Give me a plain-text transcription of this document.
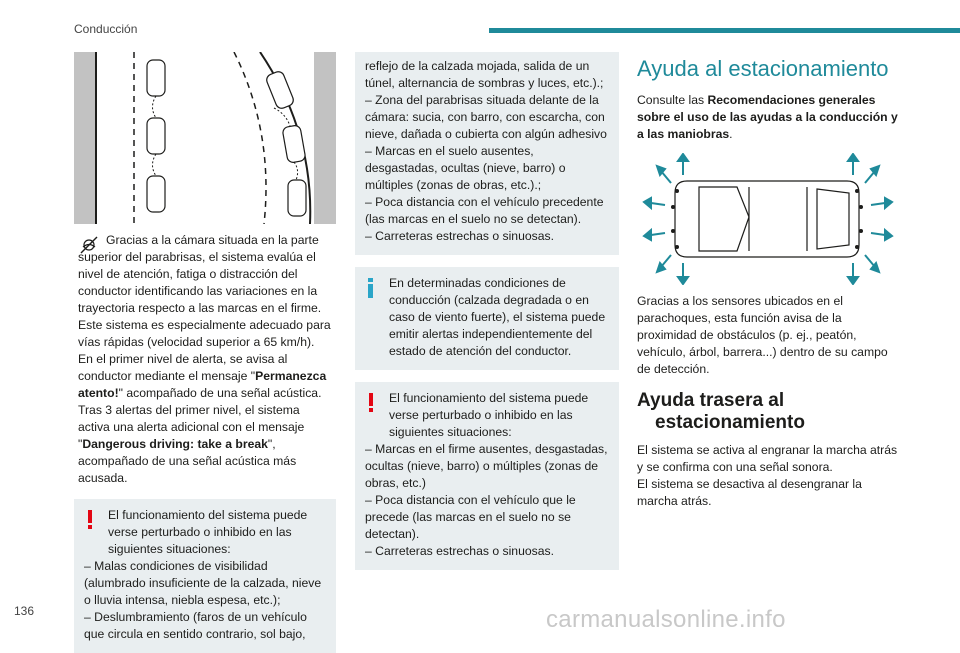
Conducción

Gracias a la cámara situada en la parte superior del parabrisas, el sistema evalúa el nivel de atención, fatiga o distracción del conductor identificando las variaciones en la trayectoria respecto a las marcas en el firme.

Este sistema es especialmente adecuado para vías rápidas (velocidad superior a 65 km/h).

En el primer nivel de alerta, se avisa al conductor mediante el mensaje "Permanezca atento!" acompañado de una señal acústica.

Tras 3 alertas del primer nivel, el sistema activa una alerta adicional con el mensaje "Dangerous driving: take a break", acompañado de una señal acústica más acusada.

El funcionamiento del sistema puede verse perturbado o inhibido en las siguientes situaciones:

– Malas condiciones de visibilidad (alumbrado insuficiente de la calzada, nieve o lluvia intensa, niebla espesa, etc.);

– Deslumbramiento (faros de un vehículo que circula en sentido contrario, sol bajo,

reflejo de la calzada mojada, salida de un túnel, alternancia de sombras y luces, etc.).;

– Zona del parabrisas situada delante de la cámara: sucia, con barro, con escarcha, con nieve, dañada o cubierta con algún adhesivo

– Marcas en el suelo ausentes, desgastadas, ocultas (nieve, barro) o múltiples (zonas de obras, etc.).;

– Poca distancia con el vehículo precedente (las marcas en el suelo no se detectan).

– Carreteras estrechas o sinuosas.

En determinadas condiciones de conducción (calzada degradada o en caso de viento fuerte), el sistema puede emitir alertas independientemente del estado de atención del conductor.

El funcionamiento del sistema puede verse perturbado o inhibido en las siguientes situaciones:

– Marcas en el firme ausentes, desgastadas, ocultas (nieve, barro) o múltiples (zonas de obras, etc.)

– Poca distancia con el vehículo que le precede (las marcas en el suelo no se detectan).

– Carreteras estrechas o sinuosas.

Ayuda al estacionamiento

Consulte las Recomendaciones generales sobre el uso de las ayudas a la conducción y a las maniobras.

Gracias a los sensores ubicados en el parachoques, esta función avisa de la proximidad de obstáculos (p. ej., peatón, vehículo, árbol, barrera...) dentro de su campo de detección.

Ayuda trasera al
estacionamiento

El sistema se activa al engranar la marcha atrás y se confirma con una señal sonora.

El sistema se desactiva al desengranar la marcha atrás.

136	carmanualsonline.info
